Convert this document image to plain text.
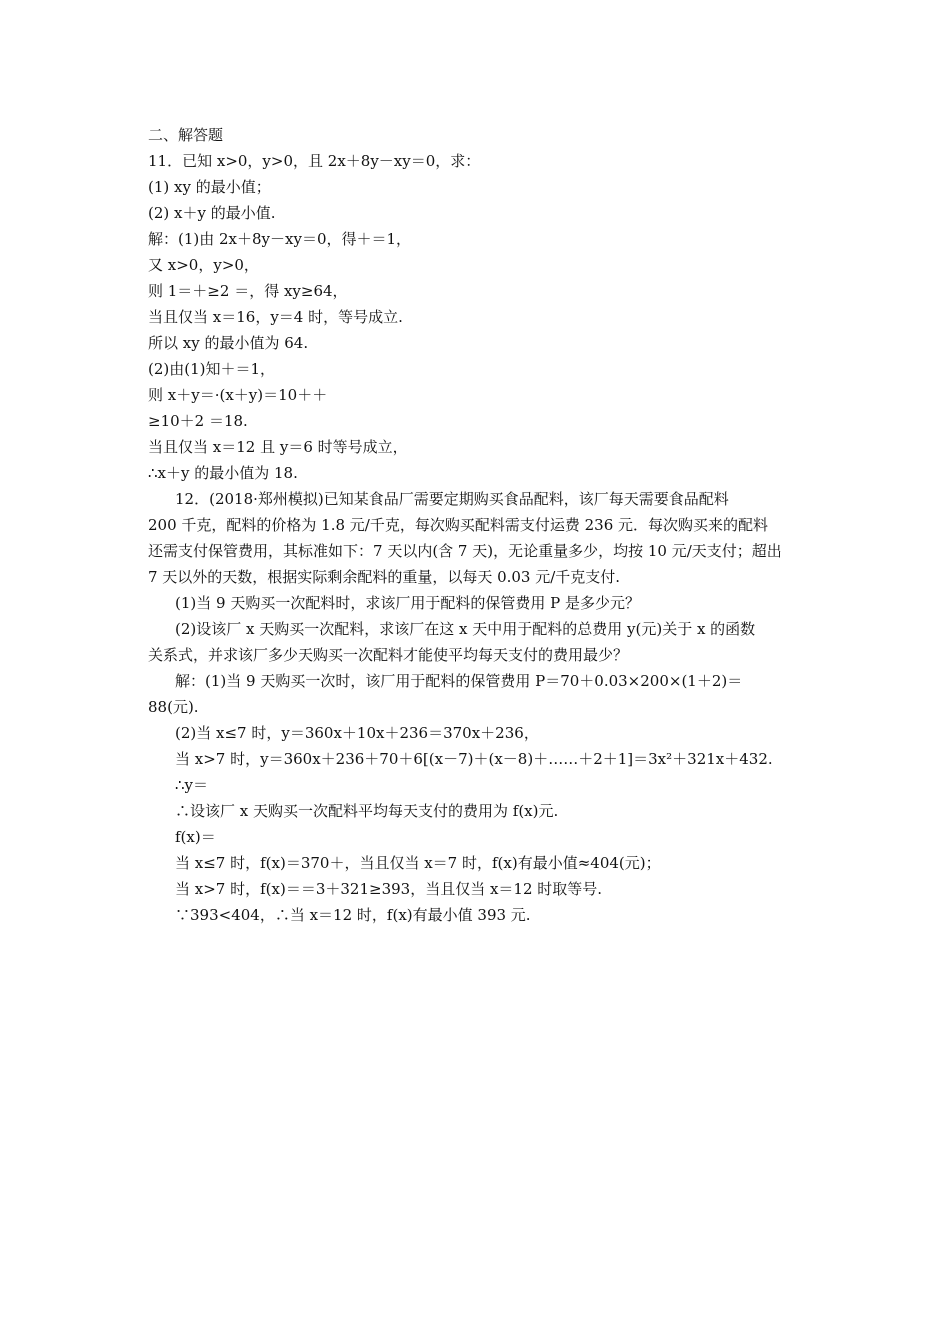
二、解答题
11．已知 x>0，y>0，且 2x＋8y－xy＝0，求：
(1) xy 的最小值；
(2) x＋y 的最小值.
解：(1)由 2x＋8y－xy＝0，得＋＝1，
又 x>0，y>0，
则 1＝＋≥2 ＝，得 xy≥64，
当且仅当 x＝16，y＝4 时，等号成立.
所以 xy 的最小值为 64.
(2)由(1)知＋＝1，
则 x＋y＝·(x＋y)＝10＋＋
≥10＋2 ＝18.
当且仅当 x＝12 且 y＝6 时等号成立，
∴x＋y 的最小值为 18.
12．(2018·郑州模拟)已知某食品厂需要定期购买食品配料，该厂每天需要食品配料
200 千克，配料的价格为 1.8 元/千克，每次购买配料需支付运费 236 元．每次购买来的配料
还需支付保管费用，其标准如下：7 天以内(含 7 天)，无论重量多少，均按 10 元/天支付；超出
7 天以外的天数，根据实际剩余配料的重量，以每天 0.03 元/千克支付.
(1)当 9 天购买一次配料时，求该厂用于配料的保管费用 P 是多少元？
(2)设该厂 x 天购买一次配料，求该厂在这 x 天中用于配料的总费用 y(元)关于 x 的函数
关系式，并求该厂多少天购买一次配料才能使平均每天支付的费用最少？
解：(1)当 9 天购买一次时，该厂用于配料的保管费用 P＝70＋0.03×200×(1＋2)＝
88(元).
(2)当 x≤7 时，y＝360x＋10x＋236＝370x＋236，
当 x>7 时，y＝360x＋236＋70＋6[(x－7)＋(x－8)＋……＋2＋1]＝3x²＋321x＋432.
∴y＝
∴设该厂 x 天购买一次配料平均每天支付的费用为 f(x)元.
f(x)＝
当 x≤7 时，f(x)＝370＋，当且仅当 x＝7 时，f(x)有最小值≈404(元)；
当 x>7 时，f(x)＝＝3＋321≥393，当且仅当 x＝12 时取等号.
∵393<404，∴当 x＝12 时，f(x)有最小值 393 元.
